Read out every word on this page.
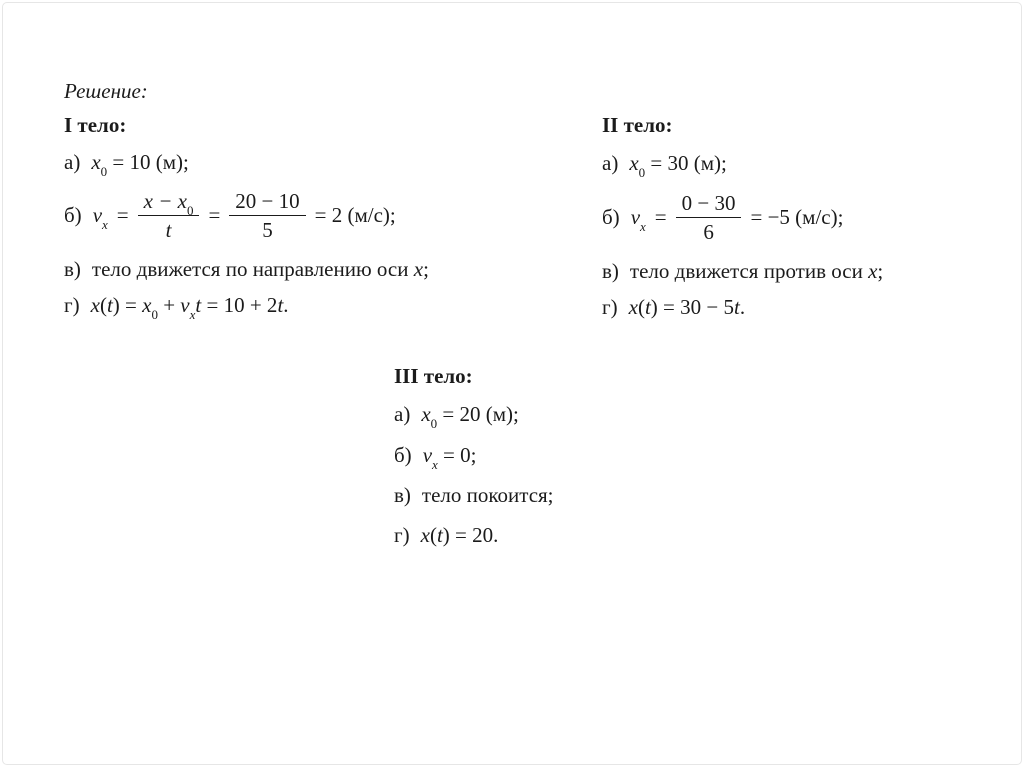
Решение:
I тело:
а) $x_0 = 10$ (м);
б) $v_x = \frac{x - x_0}{t} = \frac{20 - 10}{5} = 2$ (м/с);
в) тело движется по направлению оси x;
г) $x(t) = x_0 + v_xt = 10 + 2t$.
II тело:
а) $x_0 = 30$ (м);
б) $v_x = \frac{0 - 30}{6} = -5$ (м/с);
в) тело движется против оси x;
г) x(t) = 30 − 5t.
III тело:
а) $x_0 = 20$ (м);
б) $v_x = 0$;
в) тело покоится;
г) x(t) = 20.
